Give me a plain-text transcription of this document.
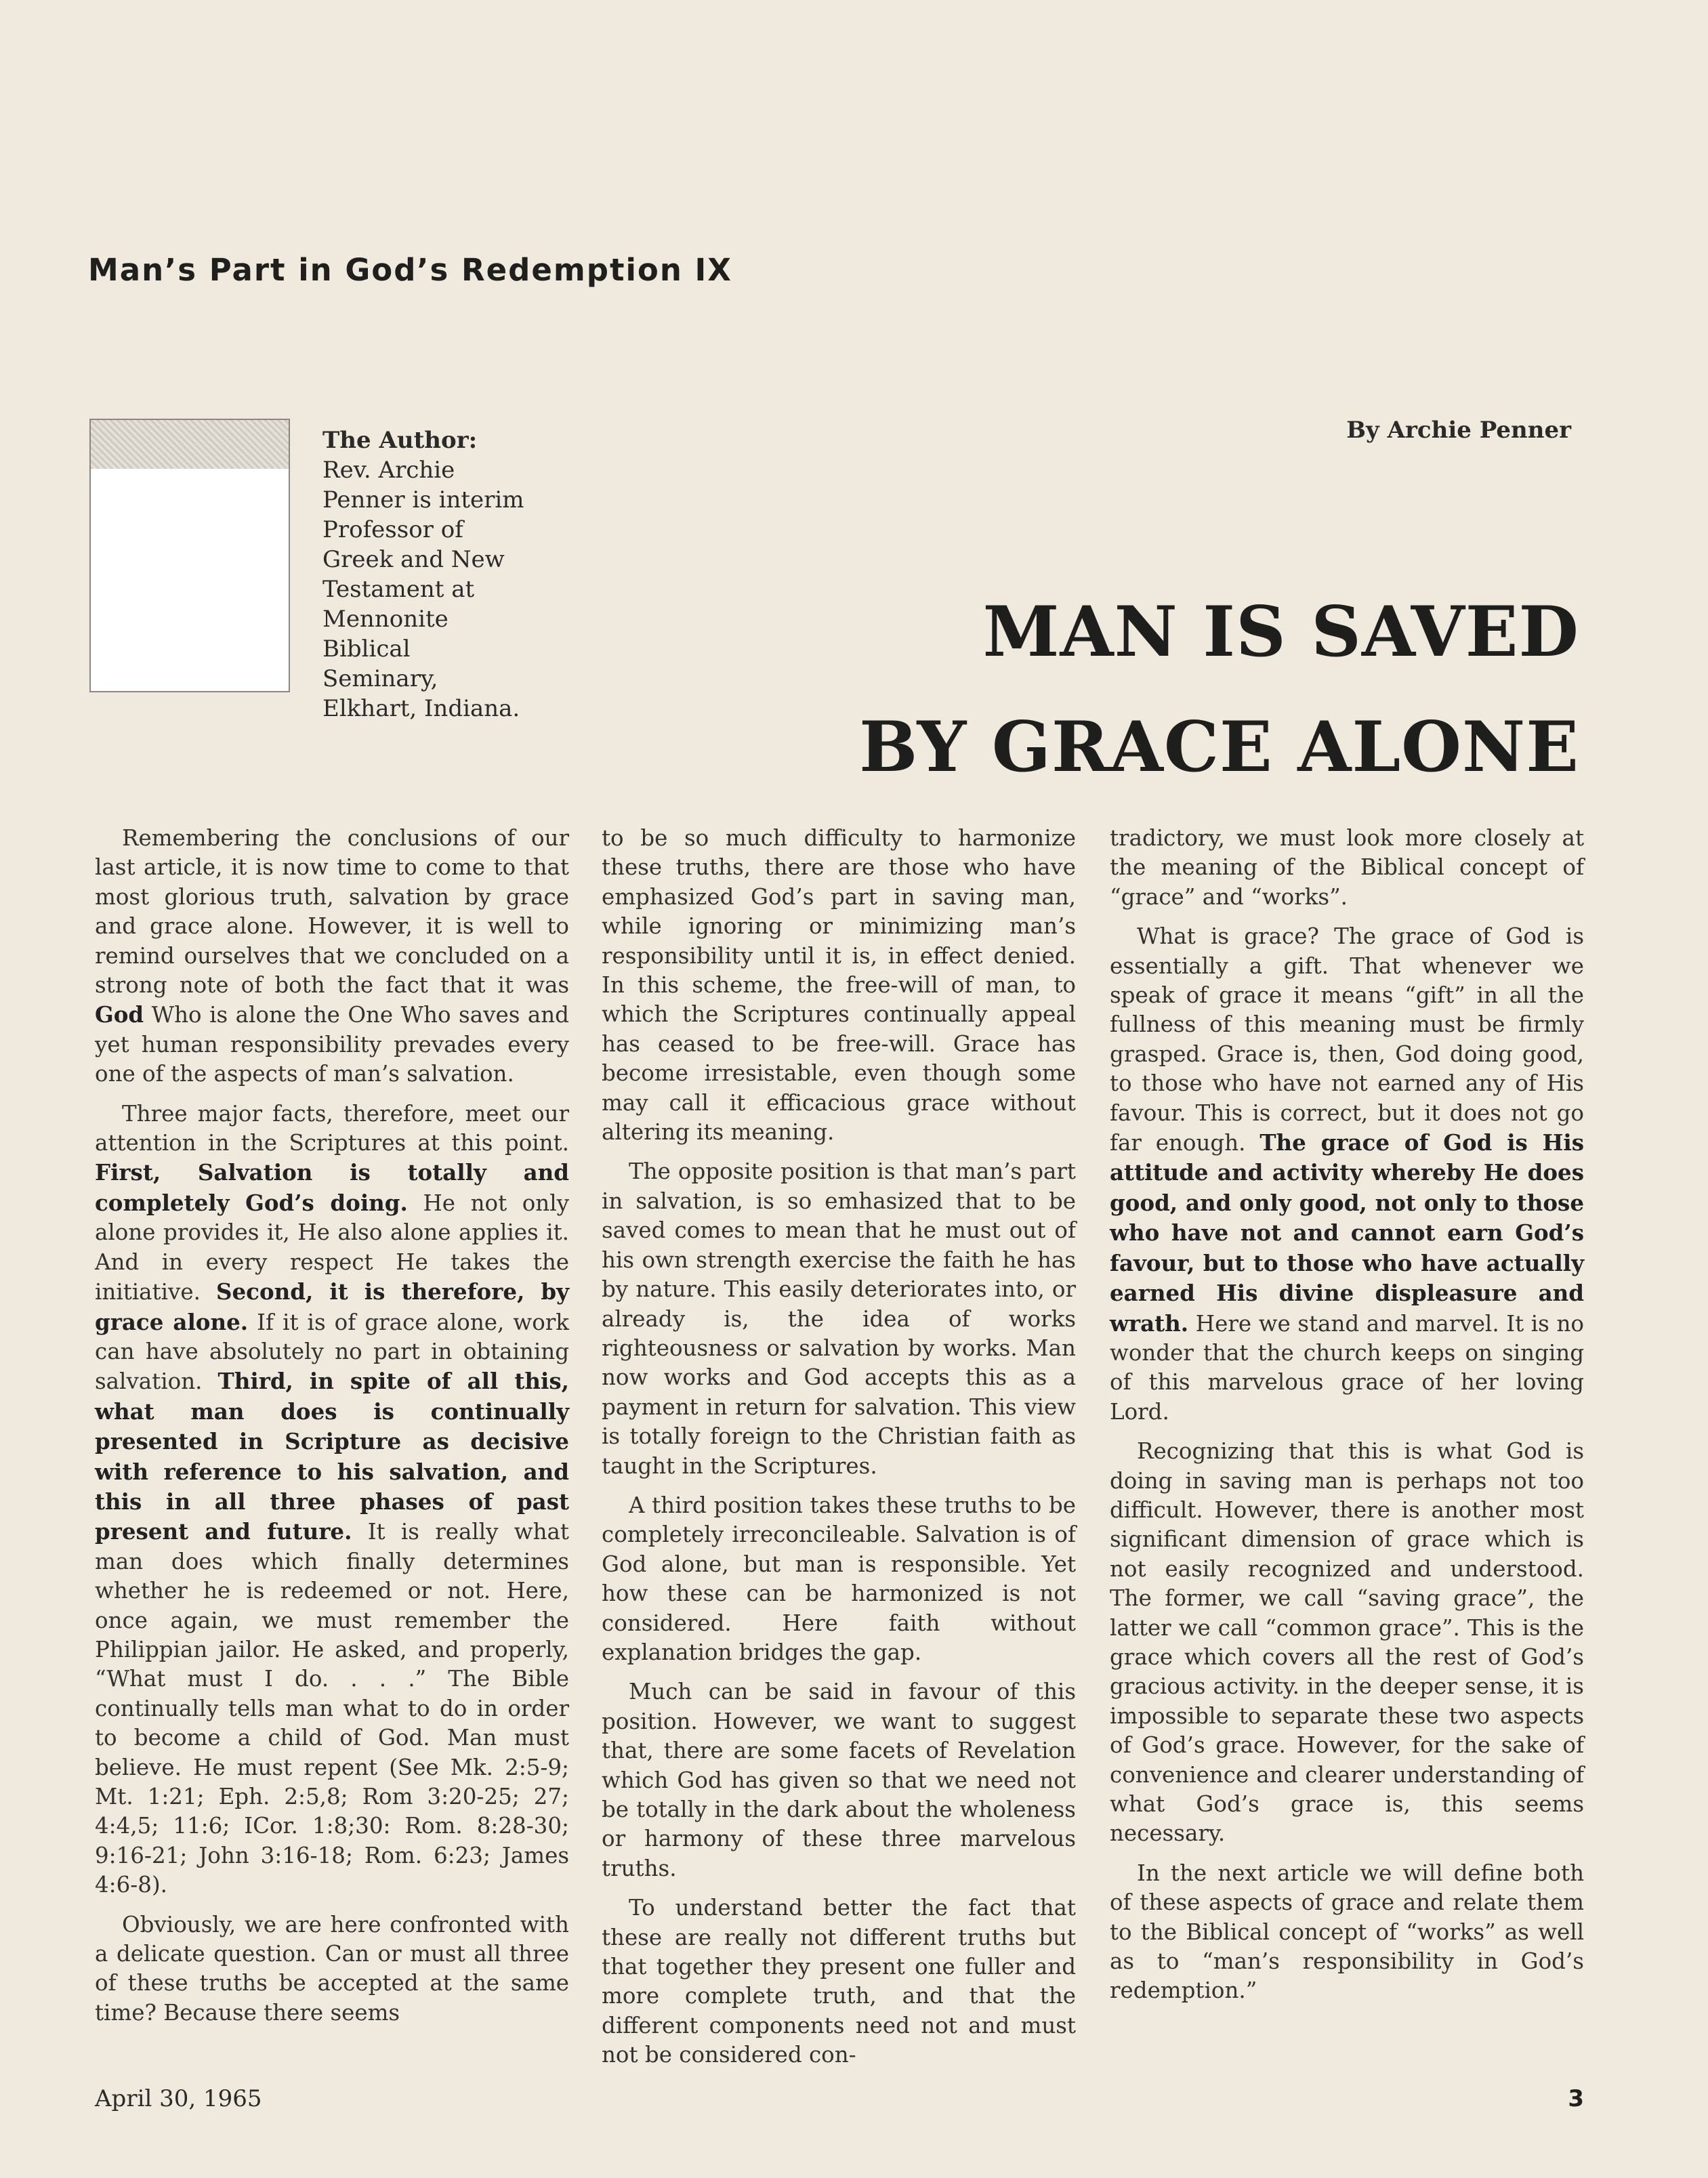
Man’s Part in God’s Redemption IX
The Author:
Rev. Archie Penner is interim Professor of Greek and New Testament at Mennonite Biblical Seminary, Elkhart, Indiana.
By Archie Penner
MAN IS SAVED
BY GRACE ALONE

Remembering the conclusions of our last article, it is now time to come to that most glorious truth, salvation by grace and grace alone. However, it is well to remind ourselves that we concluded on a strong note of both the fact that it was God Who is alone the One Who saves and yet human responsibility prevades every one of the aspects of man’s salvation.

Three major facts, therefore, meet our attention in the Scriptures at this point. First, Salvation is totally and completely God’s doing. He not only alone provides it, He also alone applies it. And in every respect He takes the initiative. Second, it is therefore, by grace alone. If it is of grace alone, work can have absolutely no part in obtaining salvation. Third, in spite of all this, what man does is continually presented in Scripture as decisive with reference to his salvation, and this in all three phases of past present and future. It is really what man does which finally determines whether he is redeemed or not. Here, once again, we must remember the Philippian jailor. He asked, and properly, “What must I do. . . .” The Bible continually tells man what to do in order to become a child of God. Man must believe. He must repent (See Mk. 2:5-9; Mt. 1:21; Eph. 2:5,8; Rom 3:20-25; 27; 4:4,5; 11:6; ICor. 1:8;30: Rom. 8:28-30; 9:16-21; John 3:16-18; Rom. 6:23; James 4:6-8).

Obviously, we are here confronted with a delicate question. Can or must all three of these truths be accepted at the same time? Because there seems

to be so much difficulty to harmonize these truths, there are those who have emphasized God’s part in saving man, while ignoring or minimizing man’s responsibility until it is, in effect denied. In this scheme, the free-will of man, to which the Scriptures continually appeal has ceased to be free-will. Grace has become irresistable, even though some may call it efficacious grace without altering its meaning.

The opposite position is that man’s part in salvation, is so emhasized that to be saved comes to mean that he must out of his own strength exercise the faith he has by nature. This easily deteriorates into, or already is, the idea of works righteousness or salvation by works. Man now works and God accepts this as a payment in return for salvation. This view is totally foreign to the Christian faith as taught in the Scriptures.

A third position takes these truths to be completely irreconcileable. Salvation is of God alone, but man is responsible. Yet how these can be harmonized is not considered. Here faith without explanation bridges the gap.

Much can be said in favour of this position. However, we want to suggest that, there are some facets of Revelation which God has given so that we need not be totally in the dark about the wholeness or harmony of these three marvelous truths.

To understand better the fact that these are really not different truths but that together they present one fuller and more complete truth, and that the different components need not and must not be considered con-

tradictory, we must look more closely at the meaning of the Biblical concept of “grace” and “works”.

What is grace? The grace of God is essentially a gift. That whenever we speak of grace it means “gift” in all the fullness of this meaning must be firmly grasped. Grace is, then, God doing good, to those who have not earned any of His favour. This is correct, but it does not go far enough. The grace of God is His attitude and activity whereby He does good, and only good, not only to those who have not and cannot earn God’s favour, but to those who have actually earned His divine displeasure and wrath. Here we stand and marvel. It is no wonder that the church keeps on singing of this marvelous grace of her loving Lord.

Recognizing that this is what God is doing in saving man is perhaps not too difficult. However, there is another most significant dimension of grace which is not easily recognized and understood. The former, we call “saving grace”, the latter we call “common grace”. This is the grace which covers all the rest of God’s gracious activity. in the deeper sense, it is impossible to separate these two aspects of God’s grace. However, for the sake of convenience and clearer understanding of what God’s grace is, this seems necessary.

In the next article we will define both of these aspects of grace and relate them to the Biblical concept of “works” as well as to “man’s responsibility in God’s redemption.”

April 30, 1965	3
